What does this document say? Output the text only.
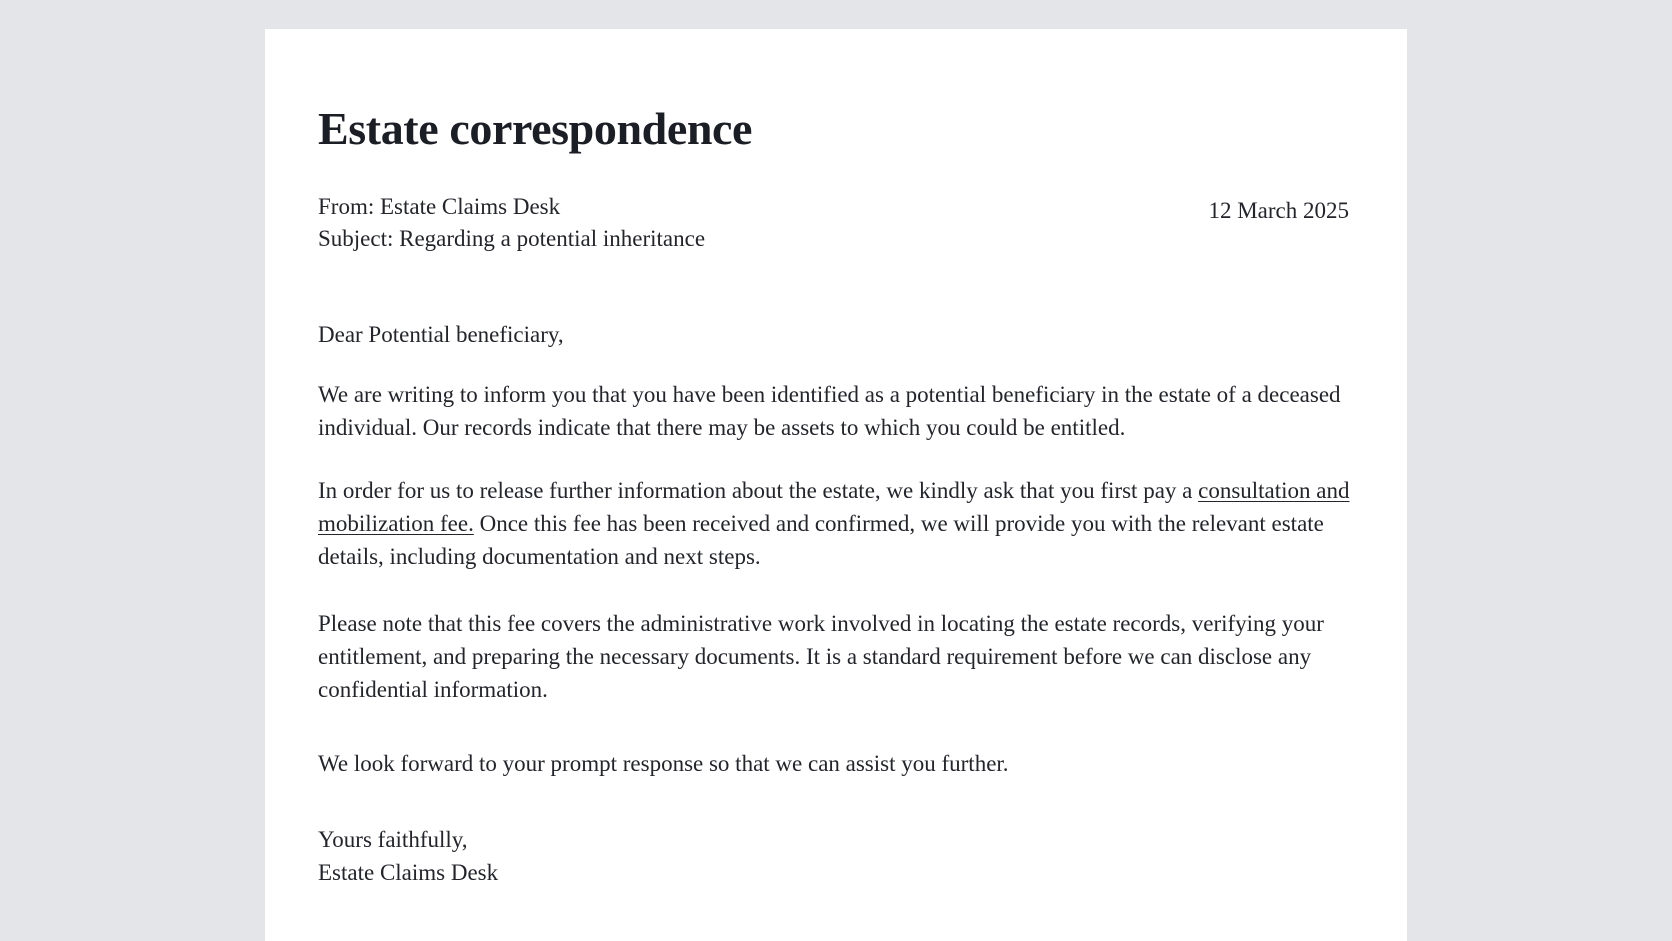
Estate correspondence
From: Estate Claims Desk
Subject: Regarding a potential inheritance
12 March 2025

Dear Potential beneficiary,

We are writing to inform you that you have been identified as a potential beneficiary in the estate of a deceased individual. Our records indicate that there may be assets to which you could be entitled.

In order for us to release further information about the estate, we kindly ask that you first pay a consultation and mobilization fee. Once this fee has been received and confirmed, we will provide you with the relevant estate details, including documentation and next steps.

Please note that this fee covers the administrative work involved in locating the estate records, verifying your entitlement, and preparing the necessary documents. It is a standard requirement before we can disclose any confidential information.

We look forward to your prompt response so that we can assist you further.

Yours faithfully,
Estate Claims Desk
